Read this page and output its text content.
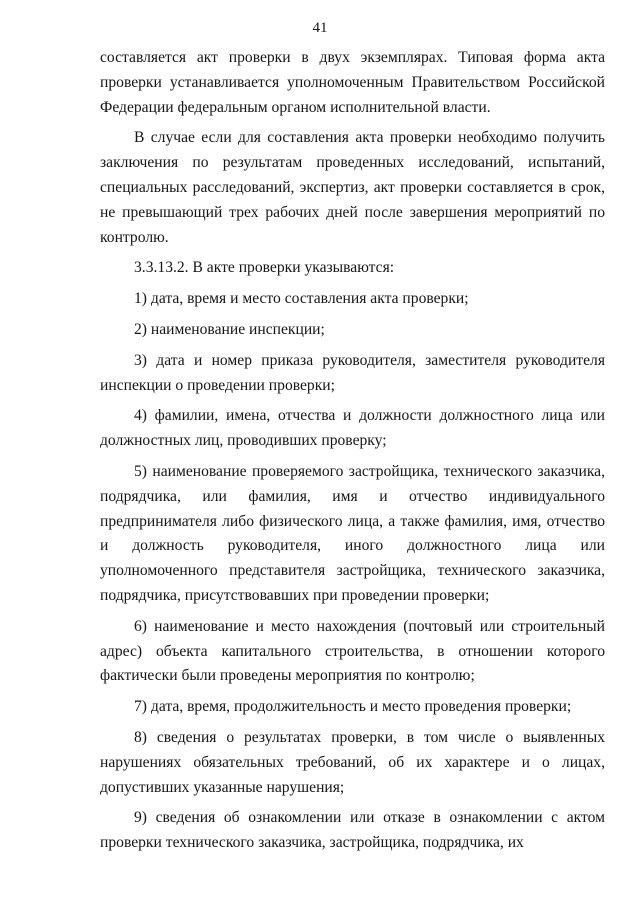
41

составляется акт проверки в двух экземплярах. Типовая форма акта проверки устанавливается уполномоченным Правительством Российской Федерации федеральным органом исполнительной власти.

В случае если для составления акта проверки необходимо получить заключения по результатам проведенных исследований, испытаний, специальных расследований, экспертиз, акт проверки составляется в срок, не превышающий трех рабочих дней после завершения мероприятий по контролю.

3.3.13.2. В акте проверки указываются:

1) дата, время и место составления акта проверки;

2) наименование инспекции;

3) дата и номер приказа руководителя, заместителя руководителя инспекции о проведении проверки;

4) фамилии, имена, отчества и должности должностного лица или должностных лиц, проводивших проверку;

5) наименование проверяемого застройщика, технического заказчика, подрядчика, или фамилия, имя и отчество индивидуального предпринимателя либо физического лица, а также фамилия, имя, отчество и должность руководителя, иного должностного лица или уполномоченного представителя застройщика, технического заказчика, подрядчика, присутствовавших при проведении проверки;

6) наименование и место нахождения (почтовый или строительный адрес) объекта капитального строительства, в отношении которого фактически были проведены мероприятия по контролю;

7) дата, время, продолжительность и место проведения проверки;

8) сведения о результатах проверки, в том числе о выявленных нарушениях обязательных требований, об их характере и о лицах, допустивших указанные нарушения;

9) сведения об ознакомлении или отказе в ознакомлении с актом проверки технического заказчика, застройщика, подрядчика, их
